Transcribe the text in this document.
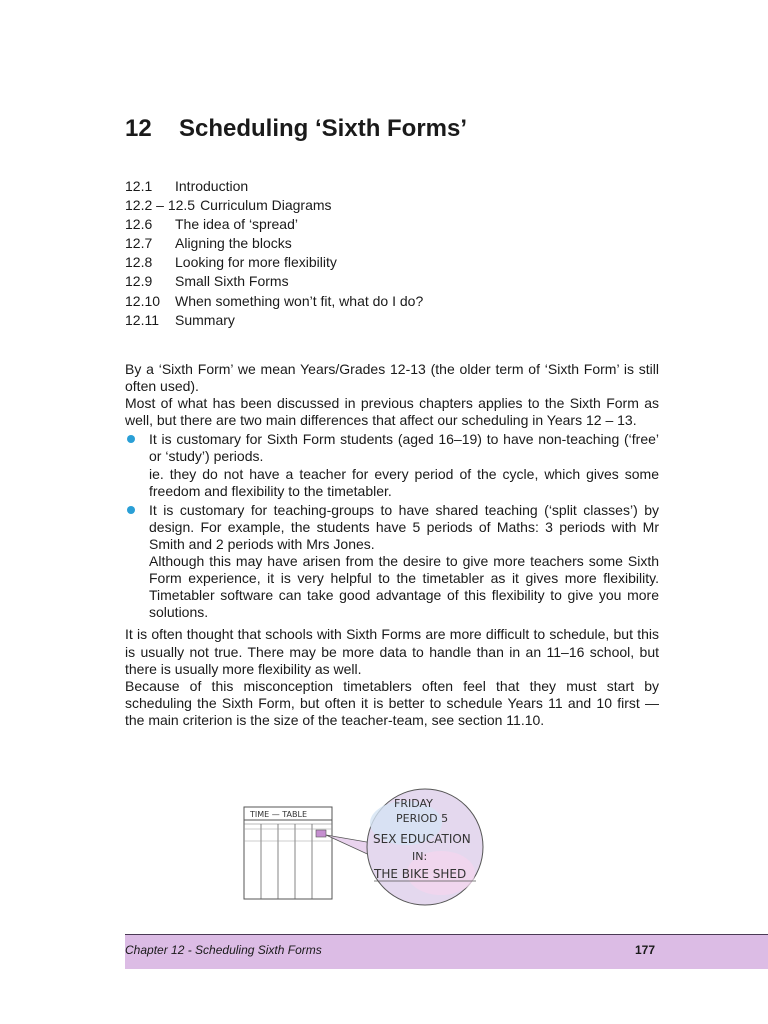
12 Scheduling ‘Sixth Forms’
12.1 Introduction
12.2 – 12.5 Curriculum Diagrams
12.6 The idea of ‘spread’
12.7 Aligning the blocks
12.8 Looking for more flexibility
12.9 Small Sixth Forms
12.10 When something won’t fit, what do I do?
12.11 Summary

By a ‘Sixth Form’ we mean Years/Grades 12-13 (the older term of ‘Sixth Form’ is still often used).

Most of what has been discussed in previous chapters applies to the Sixth Form as well, but there are two main differences that affect our scheduling in Years 12 – 13.

It is customary for Sixth Form students (aged 16–19) to have non-teaching (‘free’ or ‘study’) periods.
ie. they do not have a teacher for every period of the cycle, which gives some freedom and flexibility to the timetabler.
It is customary for teaching-groups to have shared teaching (‘split classes’) by design. For example, the students have 5 periods of Maths: 3 periods with Mr Smith and 2 periods with Mrs Jones.
Although this may have arisen from the desire to give more teachers some Sixth Form experience, it is very helpful to the timetabler as it gives more flexibility. Timetabler software can take good advantage of this flexibility to give you more solutions.

It is often thought that schools with Sixth Forms are more difficult to schedule, but this is usually not true. There may be more data to handle than in an 11–16 school, but there is usually more flexibility as well.

Because of this misconception timetablers often feel that they must start by scheduling the Sixth Form, but often it is better to schedule Years 11 and 10 first — the main criterion is the size of the teacher-team, see section 11.10.

TIME — TABLE
FRIDAY
PERIOD 5
SEX EDUCATION
IN:
THE BIKE SHED
Chapter 12 - Scheduling Sixth Forms	177
